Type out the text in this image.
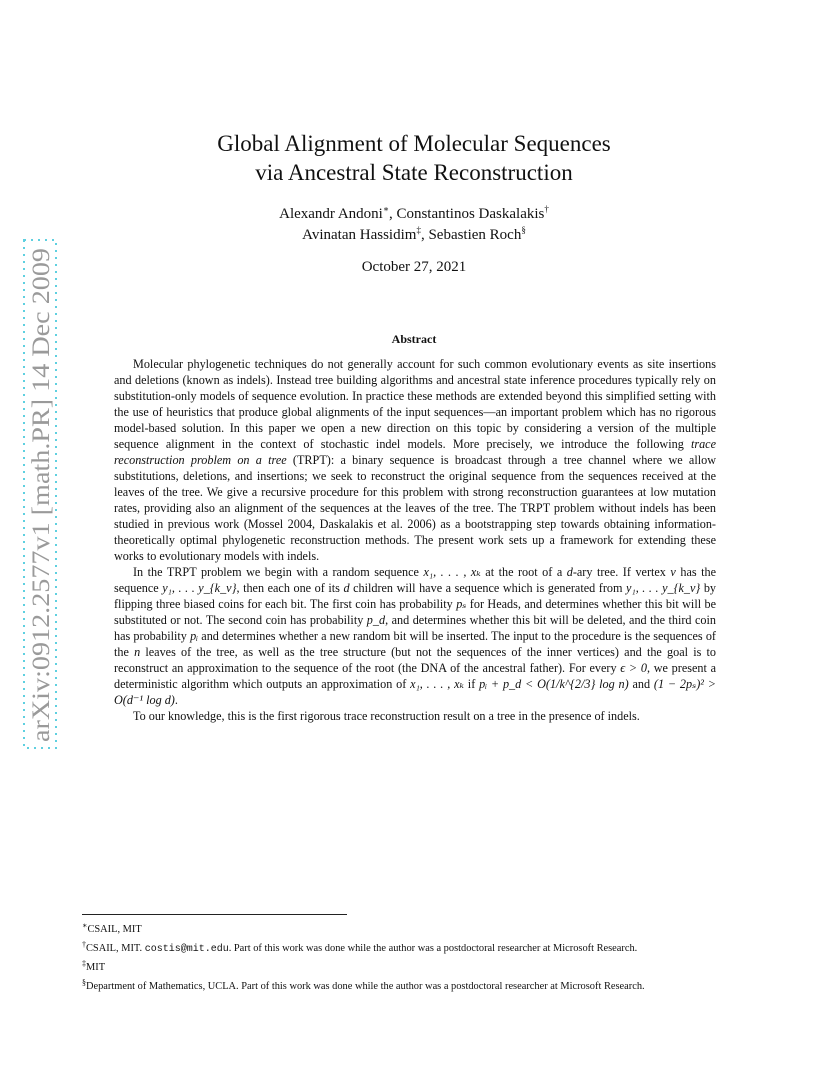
arXiv:0912.2577v1 [math.PR] 14 Dec 2009
Global Alignment of Molecular Sequences
via Ancestral State Reconstruction
Alexandr Andoni∗, Constantinos Daskalakis†
Avinatan Hassidim‡, Sebastien Roch§
October 27, 2021
Abstract

Molecular phylogenetic techniques do not generally account for such common evolutionary events as site insertions and deletions (known as indels). Instead tree building algorithms and ancestral state inference procedures typically rely on substitution-only models of sequence evolution. In practice these methods are extended beyond this simplified setting with the use of heuristics that produce global alignments of the input sequences—an important problem which has no rigorous model-based solution. In this paper we open a new direction on this topic by considering a version of the multiple sequence alignment in the context of stochastic indel models. More precisely, we introduce the following trace reconstruction problem on a tree (TRPT): a binary sequence is broadcast through a tree channel where we allow substitutions, deletions, and insertions; we seek to reconstruct the original sequence from the sequences received at the leaves of the tree. We give a recursive procedure for this problem with strong reconstruction guarantees at low mutation rates, providing also an alignment of the sequences at the leaves of the tree. The TRPT problem without indels has been studied in previous work (Mossel 2004, Daskalakis et al. 2006) as a bootstrapping step towards obtaining information-theoretically optimal phylogenetic reconstruction methods. The present work sets up a framework for extending these works to evolutionary models with indels.

In the TRPT problem we begin with a random sequence x₁, . . . , xₖ at the root of a d-ary tree. If vertex v has the sequence y₁, . . . y_{k_v}, then each one of its d children will have a sequence which is generated from y₁, . . . y_{k_v} by flipping three biased coins for each bit. The first coin has probability pₛ for Heads, and determines whether this bit will be substituted or not. The second coin has probability p_d, and determines whether this bit will be deleted, and the third coin has probability pᵢ and determines whether a new random bit will be inserted. The input to the procedure is the sequences of the n leaves of the tree, as well as the tree structure (but not the sequences of the inner vertices) and the goal is to reconstruct an approximation to the sequence of the root (the DNA of the ancestral father). For every ϵ > 0, we present a deterministic algorithm which outputs an approximation of x₁, . . . , xₖ if pᵢ + p_d < O(1/k^{2/3} log n) and (1 − 2pₛ)² > O(d⁻¹ log d).

To our knowledge, this is the first rigorous trace reconstruction result on a tree in the presence of indels.

∗CSAIL, MIT
†CSAIL, MIT. costis@mit.edu. Part of this work was done while the author was a postdoctoral researcher at Microsoft Research.
‡MIT
§Department of Mathematics, UCLA. Part of this work was done while the author was a postdoctoral researcher at Microsoft Research.
